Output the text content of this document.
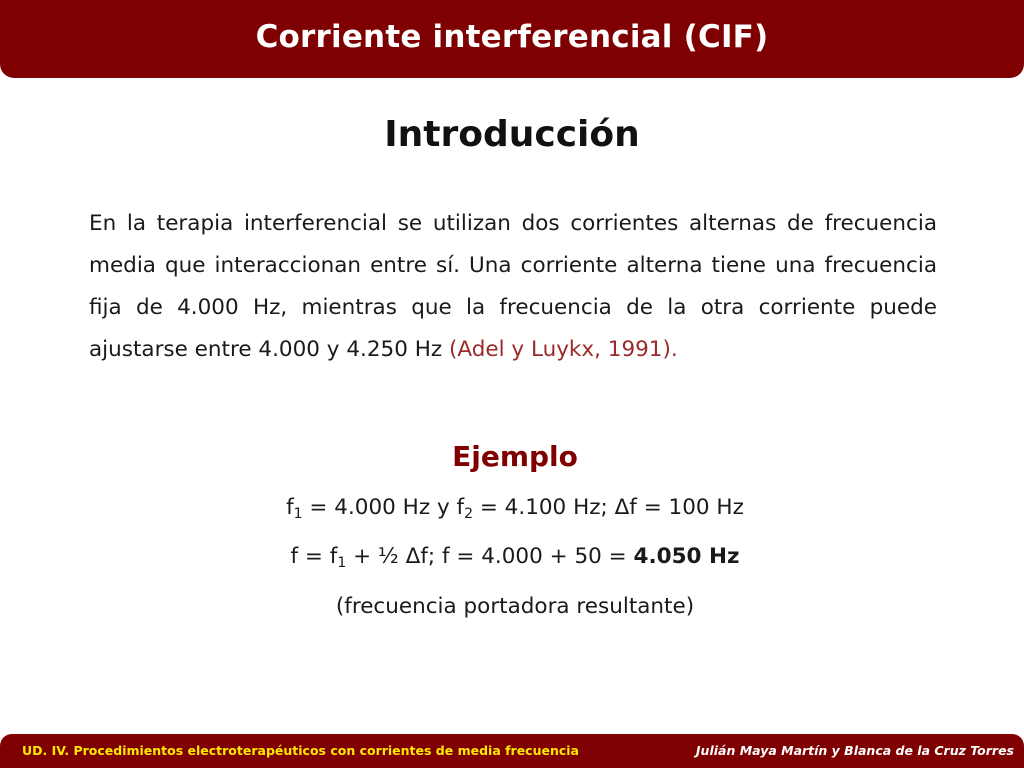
Corriente interferencial (CIF)
Introducción

En la terapia interferencial se utilizan dos corrientes alternas de frecuencia media que interaccionan entre sí. Una corriente alterna tiene una frecuencia fija de 4.000 Hz, mientras que la frecuencia de la otra corriente puede ajustarse entre 4.000 y 4.250 Hz (Adel y Luykx, 1991).

Ejemplo
$f_1 = 4.000$ Hz y $f_2 = 4.100$ Hz; Δf = 100 Hz
$f = f_1$ + ½ Δf; f = 4.000 + 50 = 4.050 Hz
(frecuencia portadora resultante)
UD. IV. Procedimientos electroterapéuticos con corrientes de media frecuencia	Julián Maya Martín y Blanca de la Cruz Torres
